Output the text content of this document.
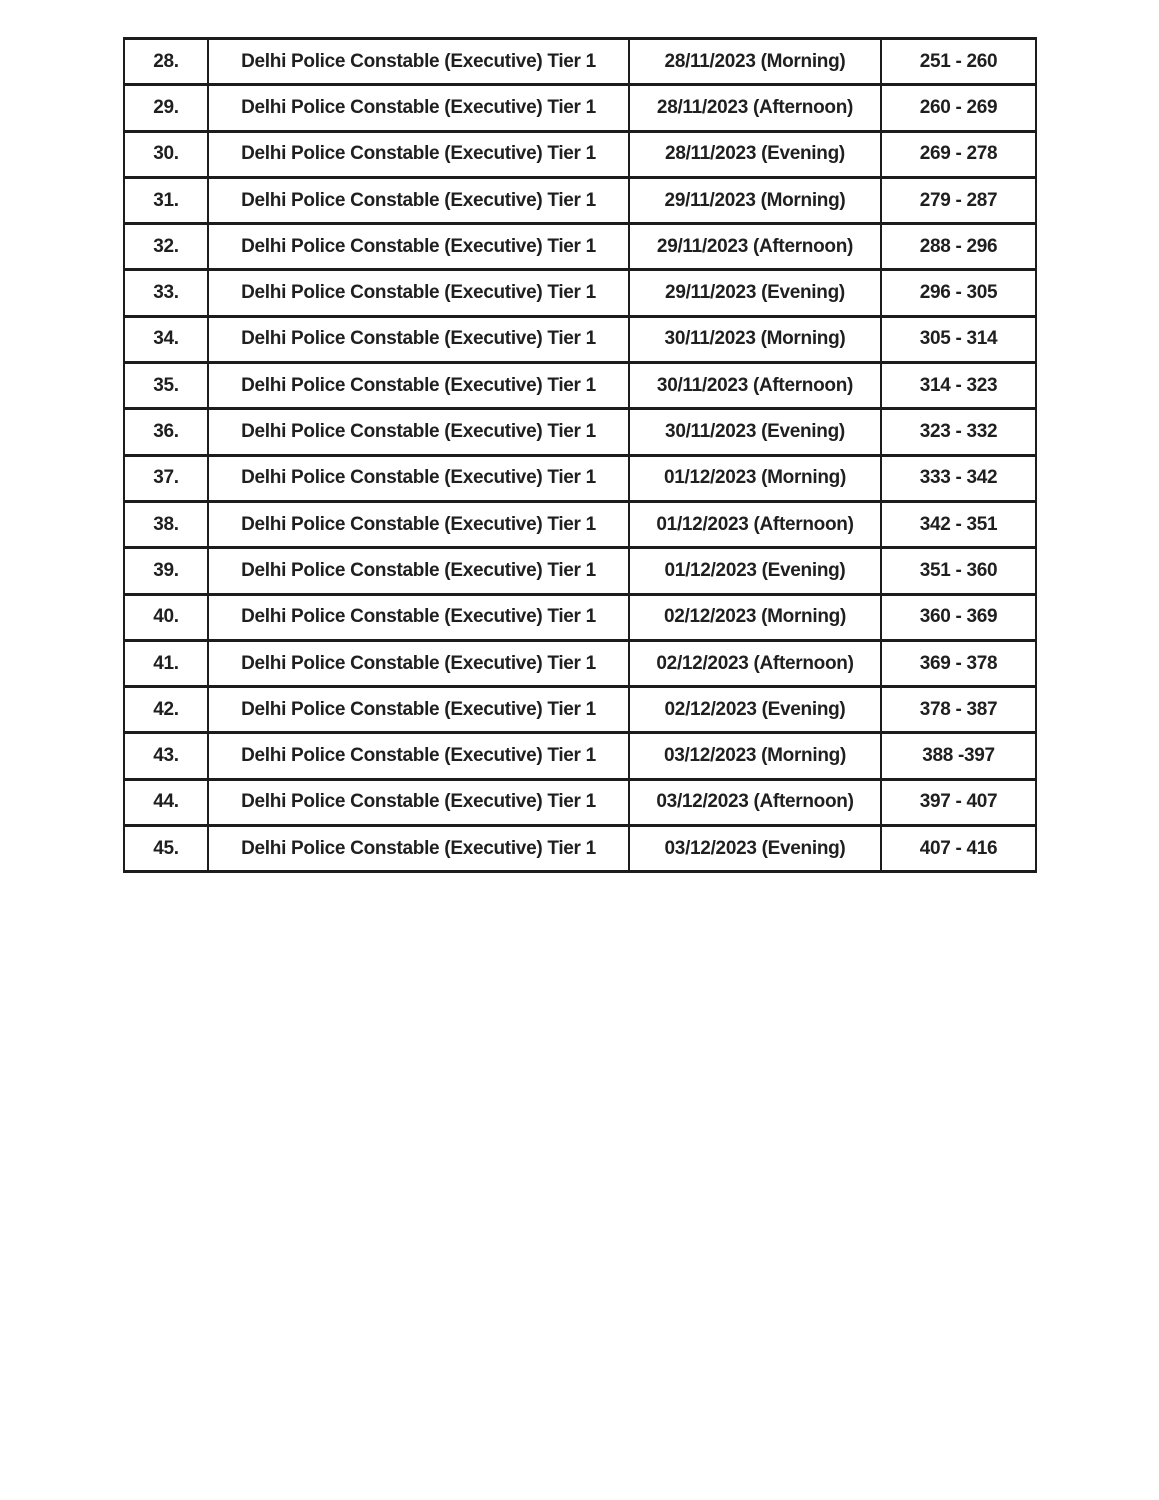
28.	Delhi Police Constable (Executive) Tier 1	28/11/2023 (Morning)	251 - 260
29.	Delhi Police Constable (Executive) Tier 1	28/11/2023 (Afternoon)	260 - 269
30.	Delhi Police Constable (Executive) Tier 1	28/11/2023 (Evening)	269 - 278
31.	Delhi Police Constable (Executive) Tier 1	29/11/2023 (Morning)	279 - 287
32.	Delhi Police Constable (Executive) Tier 1	29/11/2023 (Afternoon)	288 - 296
33.	Delhi Police Constable (Executive) Tier 1	29/11/2023 (Evening)	296 - 305
34.	Delhi Police Constable (Executive) Tier 1	30/11/2023 (Morning)	305 - 314
35.	Delhi Police Constable (Executive) Tier 1	30/11/2023 (Afternoon)	314 - 323
36.	Delhi Police Constable (Executive) Tier 1	30/11/2023 (Evening)	323 - 332
37.	Delhi Police Constable (Executive) Tier 1	01/12/2023 (Morning)	333 - 342
38.	Delhi Police Constable (Executive) Tier 1	01/12/2023 (Afternoon)	342 - 351
39.	Delhi Police Constable (Executive) Tier 1	01/12/2023 (Evening)	351 - 360
40.	Delhi Police Constable (Executive) Tier 1	02/12/2023 (Morning)	360 - 369
41.	Delhi Police Constable (Executive) Tier 1	02/12/2023 (Afternoon)	369 - 378
42.	Delhi Police Constable (Executive) Tier 1	02/12/2023 (Evening)	378 - 387
43.	Delhi Police Constable (Executive) Tier 1	03/12/2023 (Morning)	388 -397
44.	Delhi Police Constable (Executive) Tier 1	03/12/2023 (Afternoon)	397 - 407
45.	Delhi Police Constable (Executive) Tier 1	03/12/2023 (Evening)	407 - 416
